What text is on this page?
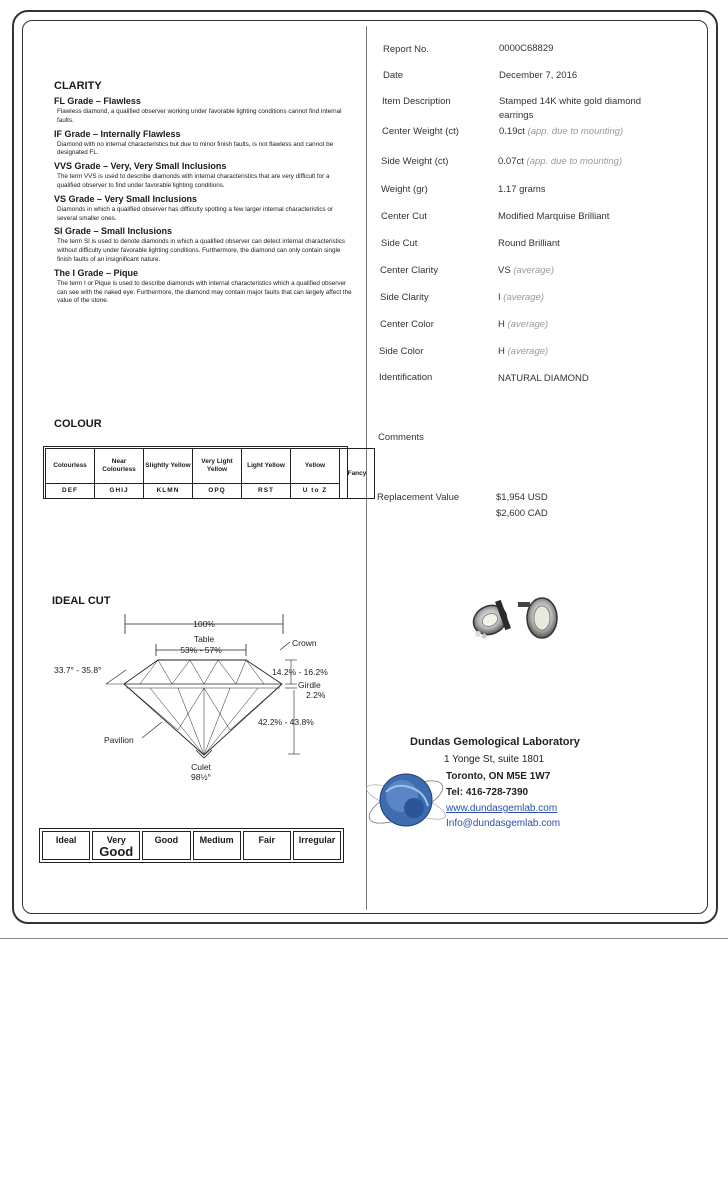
CLARITY
FL Grade – Flawless
Flawless diamond, a qualified observer working under favorable lighting conditions cannot find internal faults.
IF Grade – Internally Flawless
Diamond with no internal characteristics but due to minor finish faults, is not flawless and cannot be designated FL.
VVS Grade – Very, Very Small Inclusions
The term VVS is used to describe diamonds with internal characteristics that are very difficult for a qualified observer to find under favorable lighting conditions.
VS Grade – Very Small Inclusions
Diamonds in which a qualified observer has difficulty spotting a few larger internal characteristics or several smaller ones.
SI Grade – Small Inclusions
The term SI is used to denote diamonds in which a qualified observer can detect internal characteristics without difficulty under favorable lighting conditions. Furthermore, the diamond can only contain single finish faults of an insignificant nature.
The I Grade – Pique
The term I or Pique is used to describe diamonds with internal characteristics which a qualified observer can see with the naked eye. Furthermore, the diamond may contain major faults that can largely affect the value of the stone.
COLOUR
Colourless	Near Colourless	Slightly Yellow	Very Light Yellow	Light Yellow	Yellow	Fancy
DEF	GHIJ	KLMN	OPQ	RST	U to Z	
IDEAL CUT
100%
Table
53% - 57%
33.7° - 35.8°
Crown
14.2% - 16.2%
Girdle
2.2%
42.2% - 43.8%
Pavilion
Culet
98½°
Ideal	Very
Good
Good	Medium	Fair	Irregular
Report No.	0000C68829
Date	December 7, 2016
Item Description	Stamped 14K white gold diamond earrings
Center Weight (ct)	0.19ct (app. due to mounting)
Side Weight (ct)	0.07ct (app. due to mounting)
Weight (gr)	1.17 grams
Center Cut	Modified Marquise Brilliant
Side Cut	Round Brilliant
Center Clarity	VS (average)
Side Clarity	I (average)
Center Color	H (average)
Side Color	H (average)
Identification	NATURAL DIAMOND
Comments
Replacement Value	$1,954 USD
$2,600 CAD
Dundas Gemological Laboratory
1 Yonge St, suite 1801
Toronto, ON M5E 1W7
Tel: 416-728-7390
www.dundasgemlab.com
Info@dundasgemlab.com
